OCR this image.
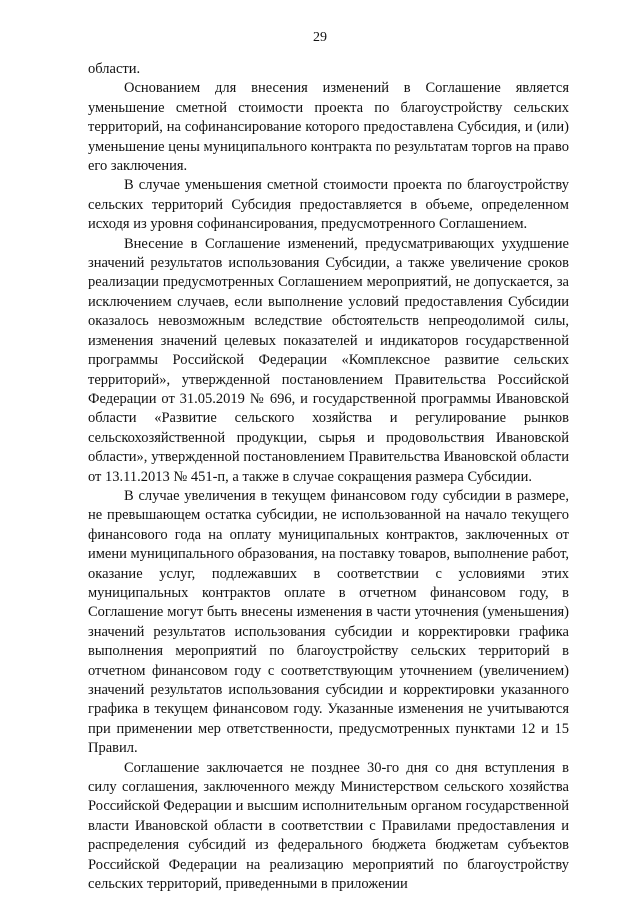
29

области.

Основанием для внесения изменений в Соглашение является уменьшение сметной стоимости проекта по благоустройству сельских территорий, на софинансирование которого предоставлена Субсидия, и (или) уменьшение цены муниципального контракта по результатам торгов на право его заключения.

В случае уменьшения сметной стоимости проекта по благоустройству сельских территорий Субсидия предоставляется в объеме, определенном исходя из уровня софинансирования, предусмотренного Соглашением.

Внесение в Соглашение изменений, предусматривающих ухудшение значений результатов использования Субсидии, а также увеличение сроков реализации предусмотренных Соглашением мероприятий, не допускается, за исключением случаев, если выполнение условий предоставления Субсидии оказалось невозможным вследствие обстоятельств непреодолимой силы, изменения значений целевых показателей и индикаторов государственной программы Российской Федерации «Комплексное развитие сельских территорий», утвержденной постановлением Правительства Российской Федерации от 31.05.2019 № 696, и государственной программы Ивановской области «Развитие сельского хозяйства и регулирование рынков сельскохозяйственной продукции, сырья и продовольствия Ивановской области», утвержденной постановлением Правительства Ивановской области от 13.11.2013 № 451-п, а также в случае сокращения размера Субсидии.

В случае увеличения в текущем финансовом году субсидии в размере, не превышающем остатка субсидии, не использованной на начало текущего финансового года на оплату муниципальных контрактов, заключенных от имени муниципального образования, на поставку товаров, выполнение работ, оказание услуг, подлежавших в соответствии с условиями этих муниципальных контрактов оплате в отчетном финансовом году, в Соглашение могут быть внесены изменения в части уточнения (уменьшения) значений результатов использования субсидии и корректировки графика выполнения мероприятий по благоустройству сельских территорий в отчетном финансовом году с соответствующим уточнением (увеличением) значений результатов использования субсидии и корректировки указанного графика в текущем финансовом году. Указанные изменения не учитываются при применении мер ответственности, предусмотренных пунктами 12 и 15 Правил.

Соглашение заключается не позднее 30-го дня со дня вступления в силу соглашения, заключенного между Министерством сельского хозяйства Российской Федерации и высшим исполнительным органом государственной власти Ивановской области в соответствии с Правилами предоставления и распределения субсидий из федерального бюджета бюджетам субъектов Российской Федерации на реализацию мероприятий по благоустройству сельских территорий, приведенными в приложении
